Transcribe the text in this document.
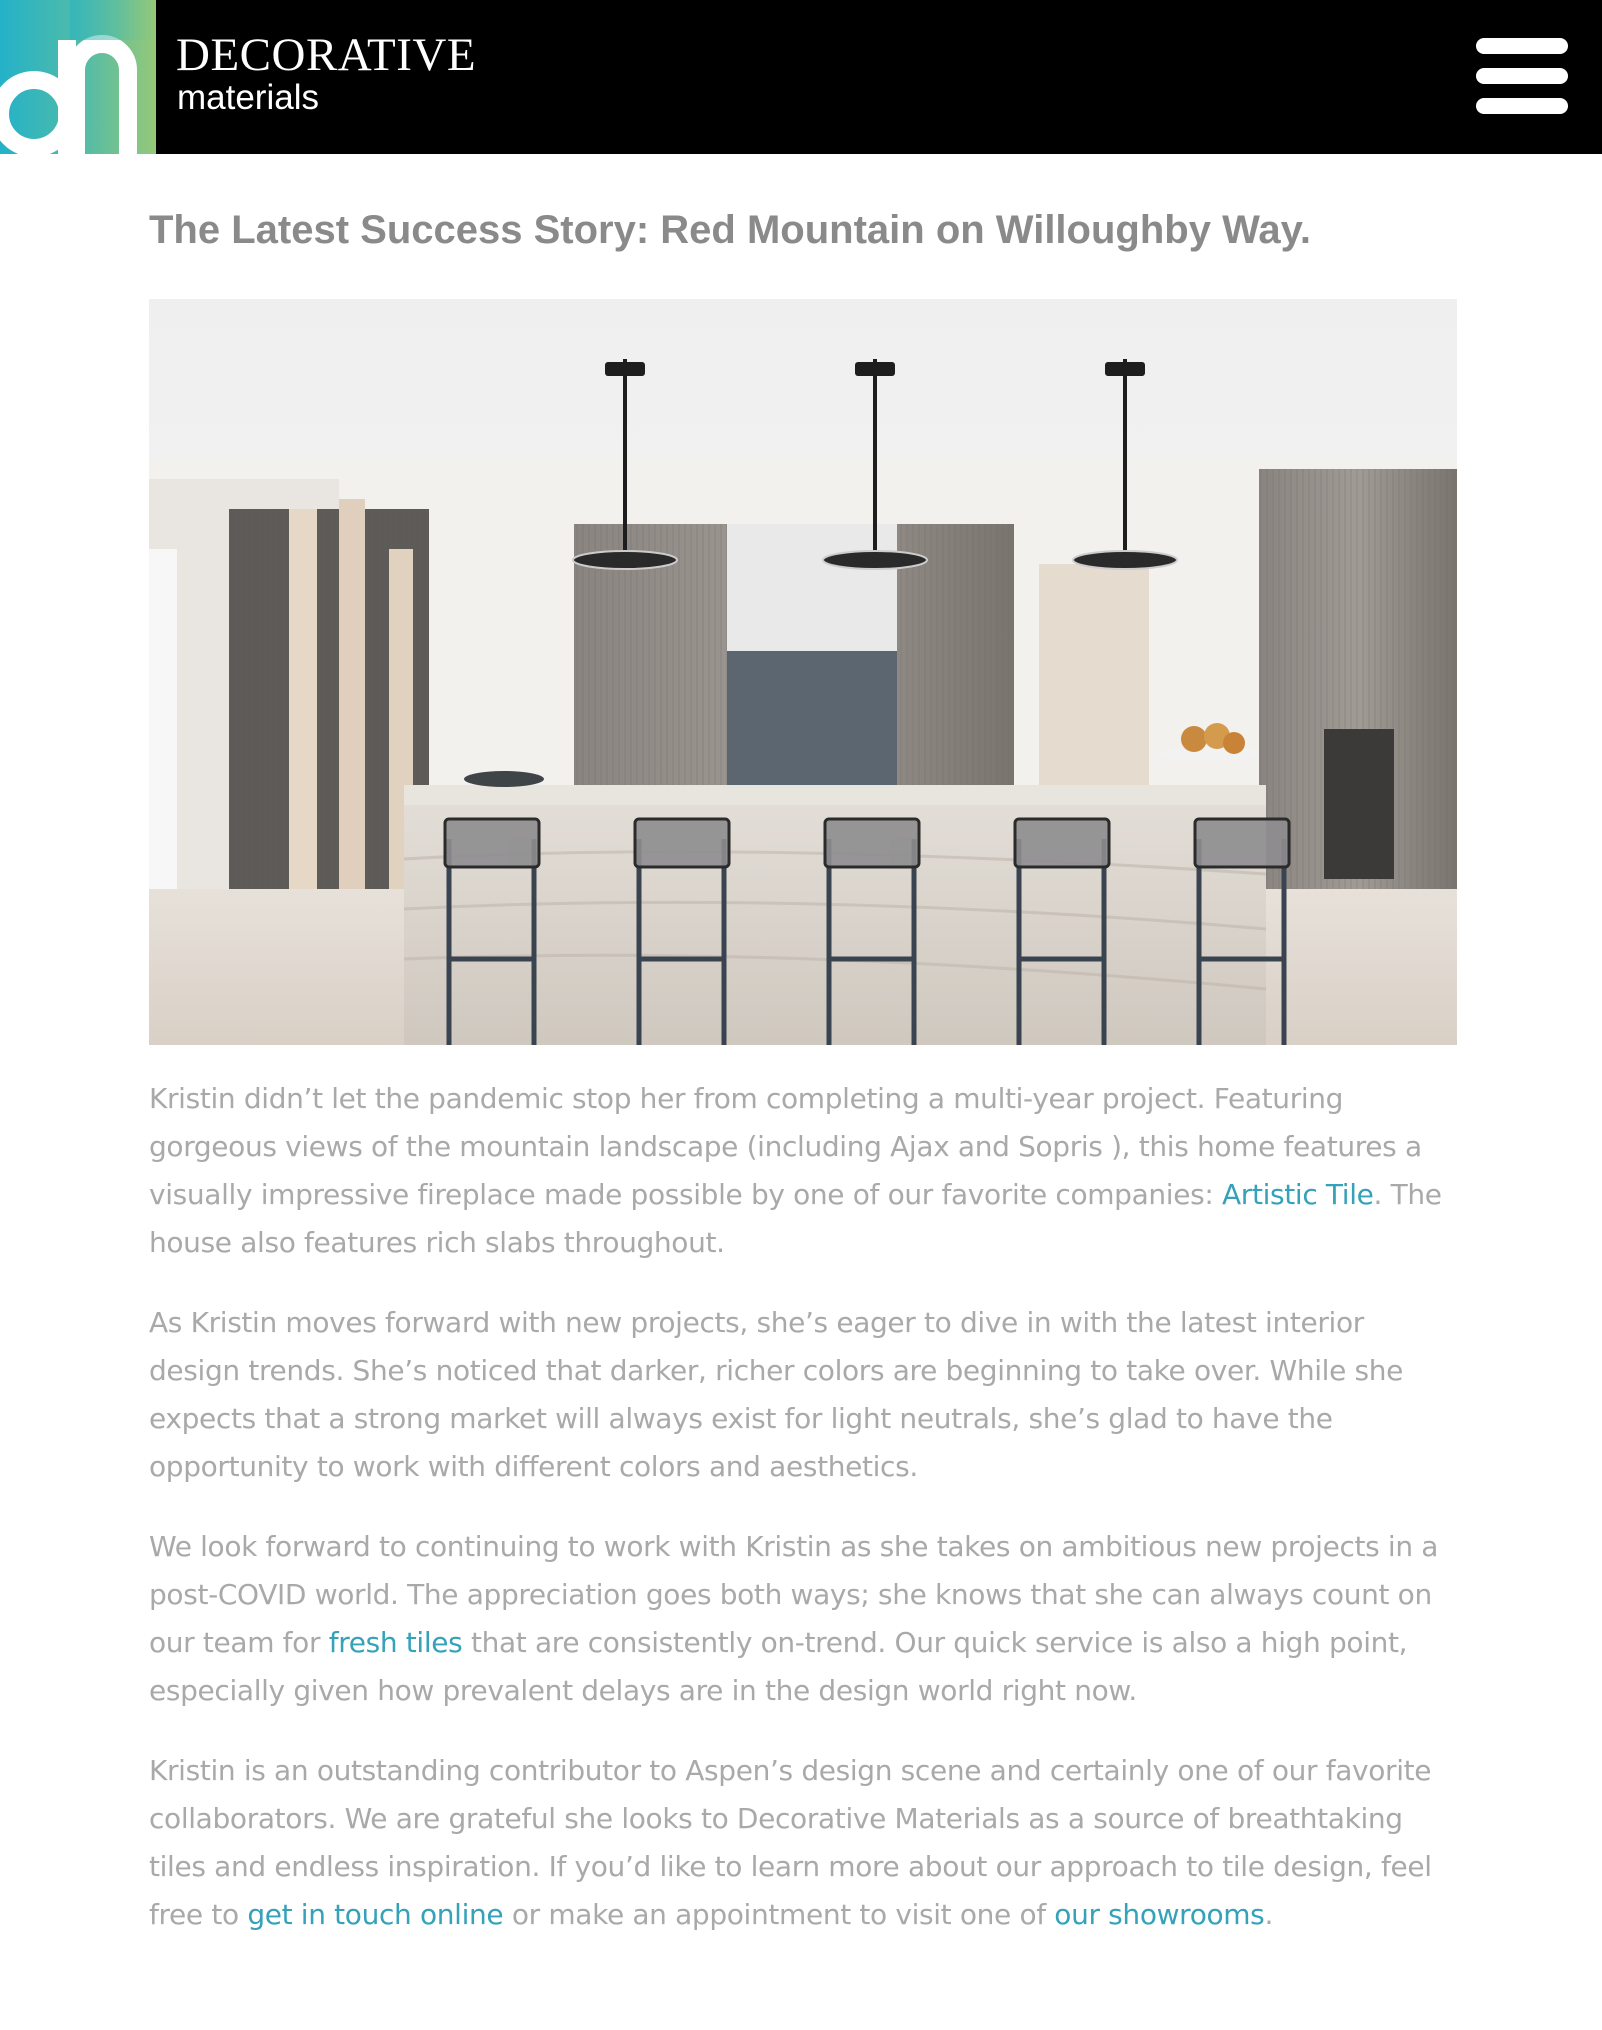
DECORATIVE
materials
The Latest Success Story: Red Mountain on Willoughby Way.

Kristin didn’t let the pandemic stop her from completing a multi-year project. Featuring gorgeous views of the mountain landscape (including Ajax and Sopris ), this home features a visually impressive fireplace made possible by one of our favorite companies: Artistic Tile. The house also features rich slabs throughout.

As Kristin moves forward with new projects, she’s eager to dive in with the latest interior design trends. She’s noticed that darker, richer colors are beginning to take over. While she expects that a strong market will always exist for light neutrals, she’s glad to have the opportunity to work with different colors and aesthetics.

We look forward to continuing to work with Kristin as she takes on ambitious new projects in a post-COVID world. The appreciation goes both ways; she knows that she can always count on our team for fresh tiles that are consistently on-trend. Our quick service is also a high point, especially given how prevalent delays are in the design world right now.

Kristin is an outstanding contributor to Aspen’s design scene and certainly one of our favorite collaborators. We are grateful she looks to Decorative Materials as a source of breathtaking tiles and endless inspiration. If you’d like to learn more about our approach to tile design, feel free to get in touch online or make an appointment to visit one of our showrooms.
